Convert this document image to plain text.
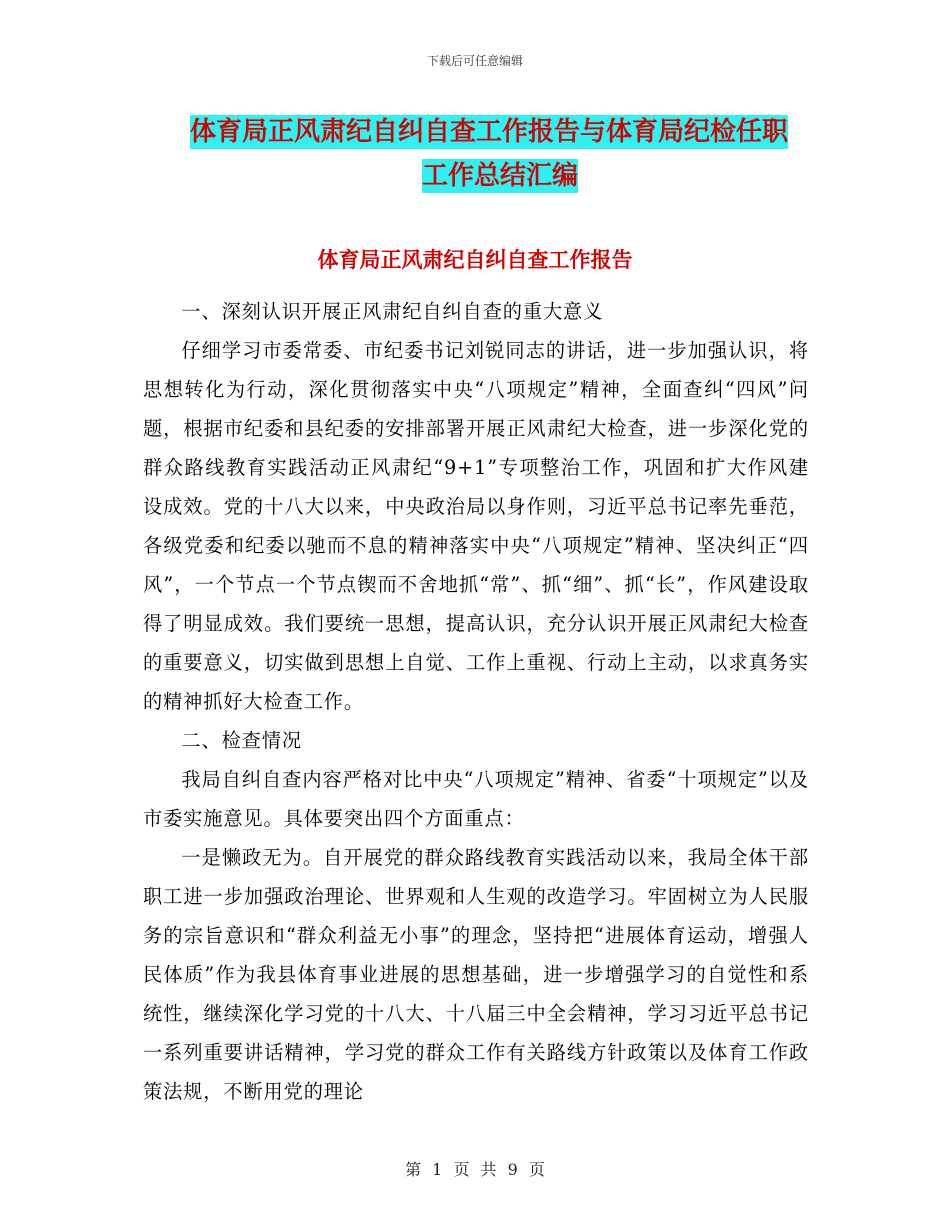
下载后可任意编辑
体育局正风肃纪自纠自查工作报告与体育局纪检任职
工作总结汇编
体育局正风肃纪自纠自查工作报告

一、深刻认识开展正风肃纪自纠自查的重大意义

仔细学习市委常委、市纪委书记刘锐同志的讲话，进一步加强认识，将思想转化为行动，深化贯彻落实中央“八项规定”精神，全面查纠“四风”问题，根据市纪委和县纪委的安排部署开展正风肃纪大检查，进一步深化党的群众路线教育实践活动正风肃纪“9+1”专项整治工作，巩固和扩大作风建设成效。党的十八大以来，中央政治局以身作则，习近平总书记率先垂范，各级党委和纪委以驰而不息的精神落实中央“八项规定”精神、坚决纠正“四风”，一个节点一个节点锲而不舍地抓“常”、抓“细”、抓“长”，作风建设取得了明显成效。我们要统一思想，提高认识，充分认识开展正风肃纪大检查的重要意义，切实做到思想上自觉、工作上重视、行动上主动，以求真务实的精神抓好大检查工作。

二、检查情况

我局自纠自查内容严格对比中央“八项规定”精神、省委“十项规定”以及市委实施意见。具体要突出四个方面重点：

一是懒政无为。自开展党的群众路线教育实践活动以来，我局全体干部职工进一步加强政治理论、世界观和人生观的改造学习。牢固树立为人民服务的宗旨意识和“群众利益无小事”的理念，坚持把“进展体育运动，增强人民体质”作为我县体育事业进展的思想基础，进一步增强学习的自觉性和系统性，继续深化学习党的十八大、十八届三中全会精神，学习习近平总书记一系列重要讲话精神，学习党的群众工作有关路线方针政策以及体育工作政策法规，不断用党的理论

第 1 页 共 9 页
